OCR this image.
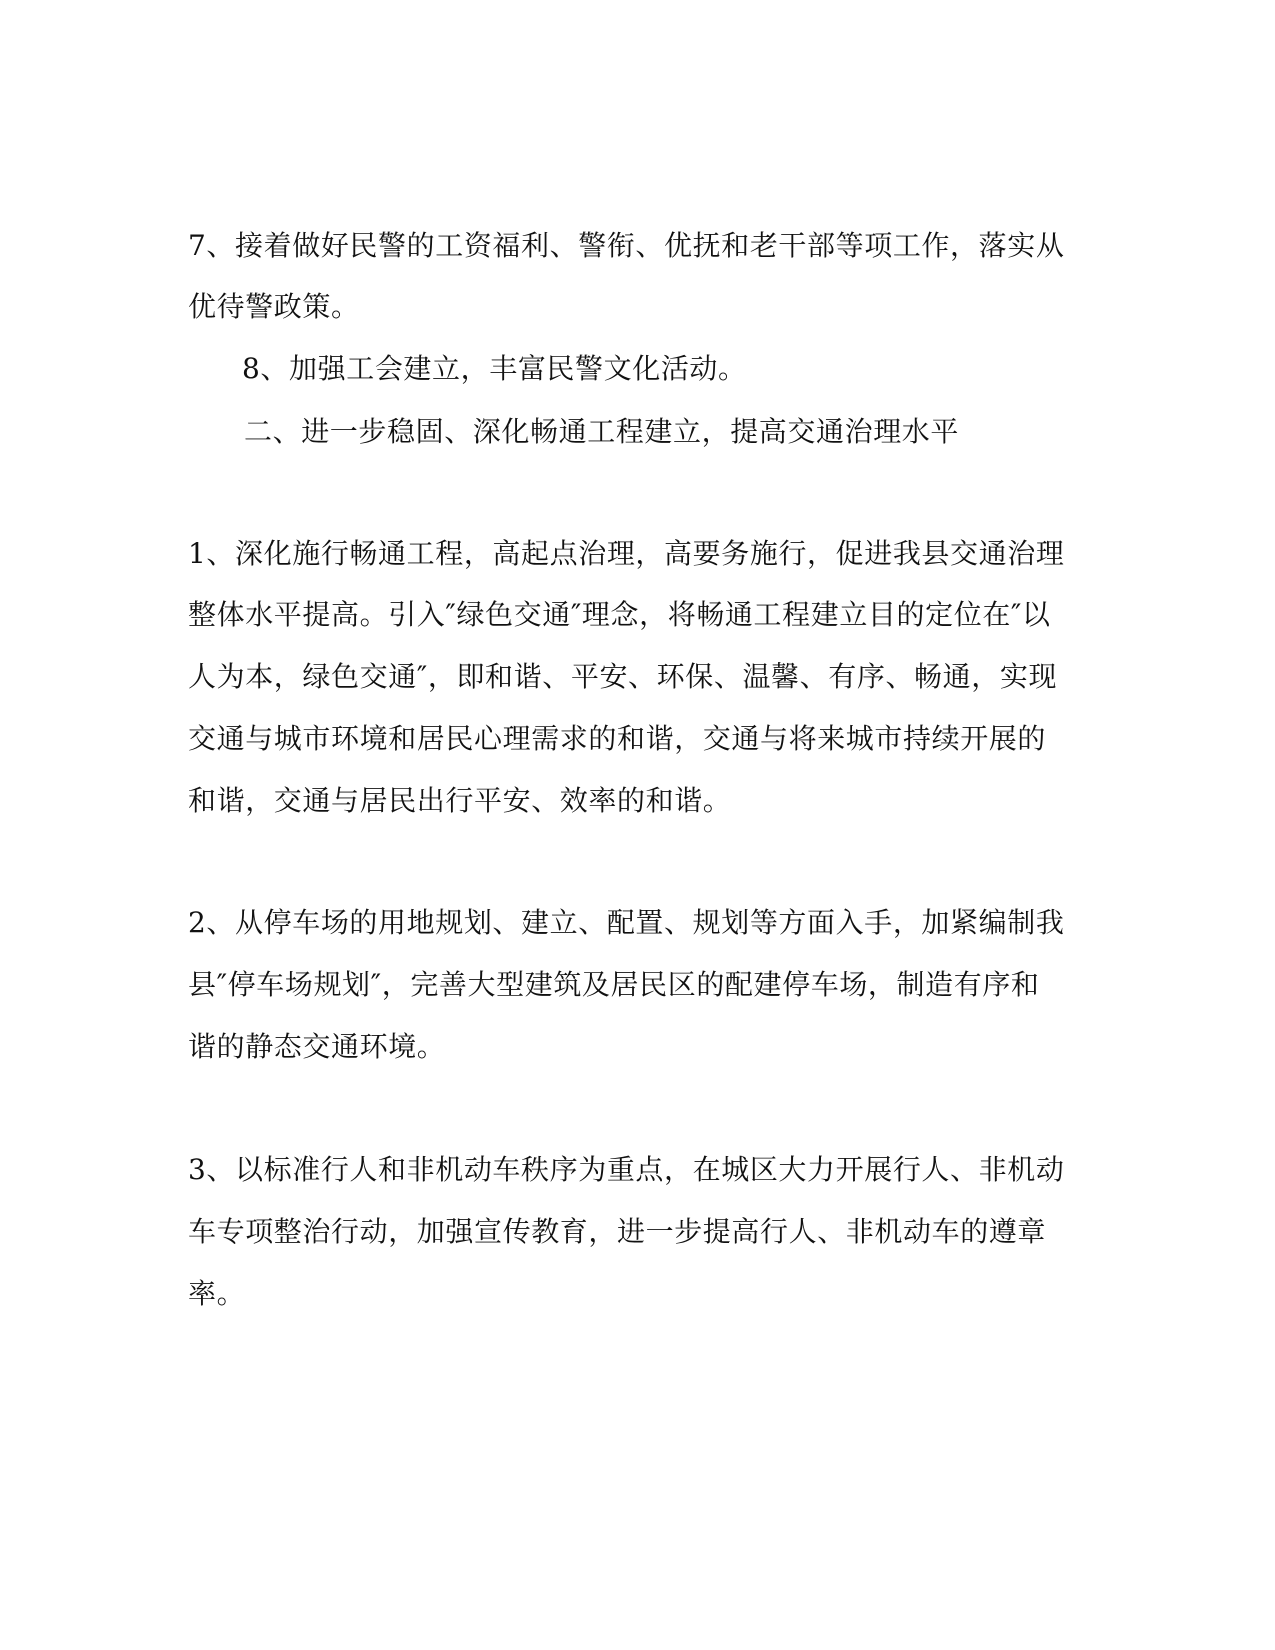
7、接着做好民警的工资福利、警衔、优抚和老干部等项工作，落实从
优待警政策。
8、加强工会建立，丰富民警文化活动。
二、进一步稳固、深化畅通工程建立，提高交通治理水平
1、深化施行畅通工程，高起点治理，高要务施行，促进我县交通治理
整体水平提高。引入″绿色交通″理念，将畅通工程建立目的定位在″以
人为本，绿色交通″，即和谐、平安、环保、温馨、有序、畅通，实现
交通与城市环境和居民心理需求的和谐，交通与将来城市持续开展的
和谐，交通与居民出行平安、效率的和谐。
2、从停车场的用地规划、建立、配置、规划等方面入手，加紧编制我
县″停车场规划″，完善大型建筑及居民区的配建停车场，制造有序和
谐的静态交通环境。
3、以标准行人和非机动车秩序为重点，在城区大力开展行人、非机动
车专项整治行动，加强宣传教育，进一步提高行人、非机动车的遵章
率。
